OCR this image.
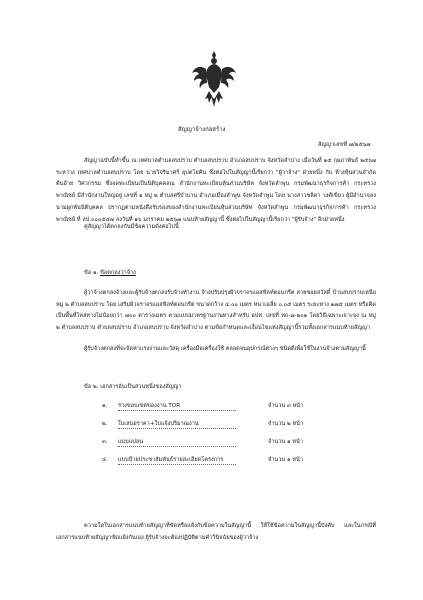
สัญญาจ้างก่อสร้าง
สัญญาเลขที่ ๗/๒๕๖๗
สัญญาฉบับนี้ทำขึ้น ณ เทศบาลตำบลสบปราบ ตำบลสบปราบ อำเภอสบปราบ จังหวัดลำปาง เมื่อวันที่ ๑๕ กุมภาพันธ์ ๒๕๖๗ ระหว่าง เทศบาลตำบลสบปราบ โดย นายวิจริมาศร์ ยุปตโยคิน ซึ่งต่อไปในสัญญานี้เรียกว่า "ผู้ว่าจ้าง" ฝ่ายหนึ่ง กับ ห้างหุ้นส่วนจำกัด ต้นอ้าย วิศวกรรม ซึ่งจดทะเบียนเป็นนิติบุคคลณ สำนักงานทะเบียนหุ้นส่วนบริษัท จังหวัดลำพูน กรมพัฒนาธุรกิจการค้า กระทรวงพาณิชย์ มีสำนักงานใหญ่อยู่ เลขที่ ๑ หมู่ ๒ ตำบลศรีบัวบาน อำเภอเมืองลำพูน จังหวัดลำพูน โดย นางสาวชลิดา วงศ์เขียว ผู้มีอำนาจลงนามผูกพันนิติบุคคล ปรากฏตามหนังสือรับรองของสำนักงานทะเบียนหุ้นส่วนบริษัท จังหวัดลำพูน กรมพัฒนาธุรกิจการค้า กระทรวงพาณิชย์ ที่ ลป.๐๐๐๕๕๗ ลงวันที่ ๑๖ มกราคม ๒๕๖๗ แนบท้ายสัญญานี้ ซึ่งต่อไปในสัญญานี้เรียกว่า "ผู้รับจ้าง" อีกฝ่ายหนึ่ง
คู่สัญญาได้ตกลงกันมีข้อความดังต่อไปนี้
ข้อ ๑. ข้อตกลงว่าจ้าง
ผู้ว่าจ้างตกลงจ้างและผู้รับจ้างตกลงรับจ้างทำงาน จ้างปรับปรุงผิวจราจรแอสฟัลท์ตอนกรีต สายซอยสวัสดิ์ บ้านสบปราบเหนือ หมู่ ๒ ตำบลสบปราบ โดย เสริมผิวจราจรแอสฟัลท์ตอนกรีต ขนาดกว้าง ๔.๐๐ เมตร หนาเฉลี่ย ๐.๐๕ เมตร ระยะทาง ๑๗๕ เมตร หรือคิดเป็นพื้นที่ไหล่ทางไม่น้อยกว่า ๗๐๐ ตารางเมตร ตามแบบมาตรฐานงานทางสำหรับ อปท. เลขที่ ทถ-๗-๒๐๑ โดยวิธีเฉพาะเจาะจง ณ หมู่ ๒ ตำบลสบปราบ ตำบลสบปราบ อำเภอสบปราบ จังหวัดลำปาง ตามข้อกำหนดและเงื่อนไขแห่งสัญญานี้รวมทั้งเอกสารแนบท้ายสัญญา
ผู้รับจ้างตกลงที่จะจัดหาแรงงานและวัสดุ เครื่องมือเครื่องใช้ ตลอดจนอุปกรณ์ต่างๆ ชนิดดีเพื่อใช้ในงานจ้างตามสัญญานี้
ข้อ ๒. เอกสารอันเป็นส่วนหนึ่งของสัญญา
๑.	ร่างขอบเขตของงาน TOR	จำนวน ๓ หน้า
๒.	ใบเสนอราคา+ใบแจ้งปริมาณงาน	จำนวน ๒ หน้า
๓.	แบบแปลน	จำนวน ๑ หน้า
๔.	แบบป้ายประชาสัมพันธ์รายละเอียดโครงการ	จำนวน ๑ หน้า
ความใดในเอกสารแนบท้ายสัญญาที่ขัดหรือแย้งกับข้อความในสัญญานี้ ให้ใช้ข้อความในสัญญานี้บังคับ และในกรณีที่เอกสารแนบท้ายสัญญาขัดแย้งกันเอง ผู้รับจ้างจะต้องปฏิบัติตามคำวินิจฉัยของผู้ว่าจ้าง
